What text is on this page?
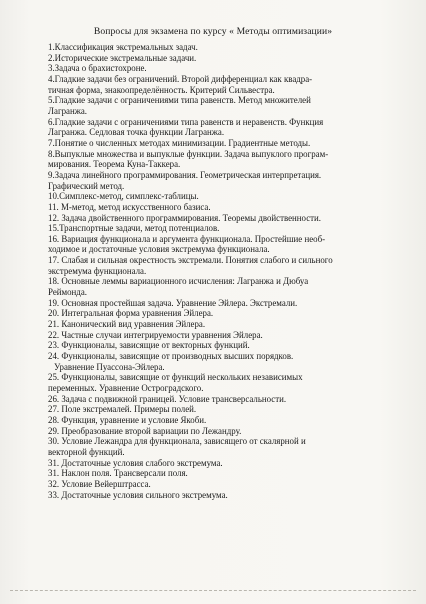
Вопросы для экзамена по курсу « Методы оптимизации»
1.Классификация экстремальных задач.
2.Исторические экстремальные задачи.
3.Задача о брахистохроне.
4.Гладкие задачи без ограничений. Второй дифференциал как квадра-
тичная форма, знакоопределённость. Критерий Сильвестра.
5.Гладкие задачи с ограничениями типа равенств. Метод множителей
Лагранжа.
6.Гладкие задачи с ограничениями типа равенств и неравенств. Функция
Лагранжа. Седловая точка функции Лагранжа.
7.Понятие о численных методах минимизации. Градиентные методы.
8.Выпуклые множества и выпуклые функции. Задача выпуклого програм-
мирования. Теорема Куна-Таккера.
9.Задача линейного программирования. Геометрическая интерпретация.
Графический метод.
10.Симплекс-метод, симплекс-таблицы.
11. М-метод, метод искусственного базиса.
12. Задача двойственного программирования. Теоремы двойственности.
15.Транспортные задачи, метод потенциалов.
16. Вариация функционала и аргумента функционала. Простейшие необ-
ходимое и достаточные условия экстремума функционала.
17. Слабая и сильная окрестность экстремали. Понятия слабого и сильного
экстремума функционала.
18. Основные леммы вариационного исчисления: Лагранжа и Дюбуа
Реймонда.
19. Основная простейшая задача. Уравнение Эйлера. Экстремали.
20. Интегральная форма уравнения Эйлера.
21. Канонический вид уравнения Эйлера.
22. Частные случаи интегрируемости уравнения Эйлера.
23. Функционалы, зависящие от векторных функций.
24. Функционалы, зависящие от производных высших порядков.
Уравнение Пуассона-Эйлера.
25. Функционалы, зависящие от функций нескольких независимых
переменных. Уравнение Остроградского.
26. Задача с подвижной границей. Условие трансверсальности.
27. Поле экстремалей. Примеры полей.
28. Функция, уравнение и условие Якоби.
29. Преобразование второй вариации по Лежандру.
30. Условие Лежандра для функционала, зависящего от скалярной и
векторной функций.
31. Достаточные условия слабого экстремума.
31. Наклон поля. Трансверсали поля.
32. Условие Вейерштрасса.
33. Достаточные условия сильного экстремума.
